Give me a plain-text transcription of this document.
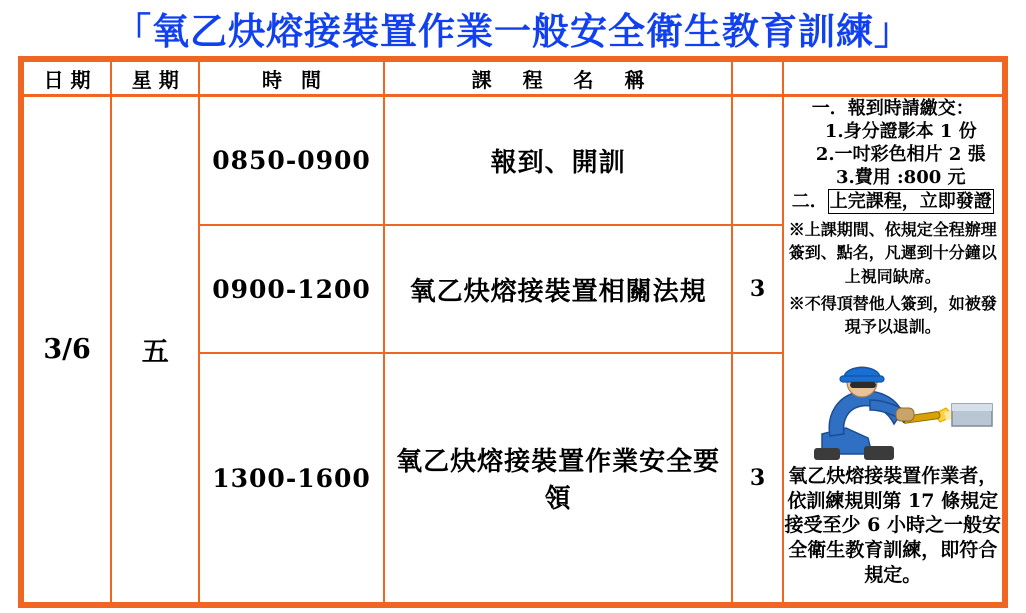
「氧乙炔熔接裝置作業一般安全衛生教育訓練」
日 期	星 期	時 間	課 程 名 稱		
3/6	五	0850-0900	報到、開訓		
一．報到時請繳交：
1.身分證影本 1 份
2.一吋彩色相片 2 張
3.費用 :800 元
二． 上完課程，立即發證
※上課期間、依規定全程辦理簽到、點名，凡遲到十分鐘以上視同缺席。
※不得頂替他人簽到，如被發現予以退訓。
氧乙炔熔接裝置作業者，依訓練規則第 17 條規定接受至少 6 小時之一般安全衛生教育訓練，即符合規定。

		0900-1200	氧乙炔熔接裝置相關法規	3	
		1300-1600	氧乙炔熔接裝置作業安全要領	3	
